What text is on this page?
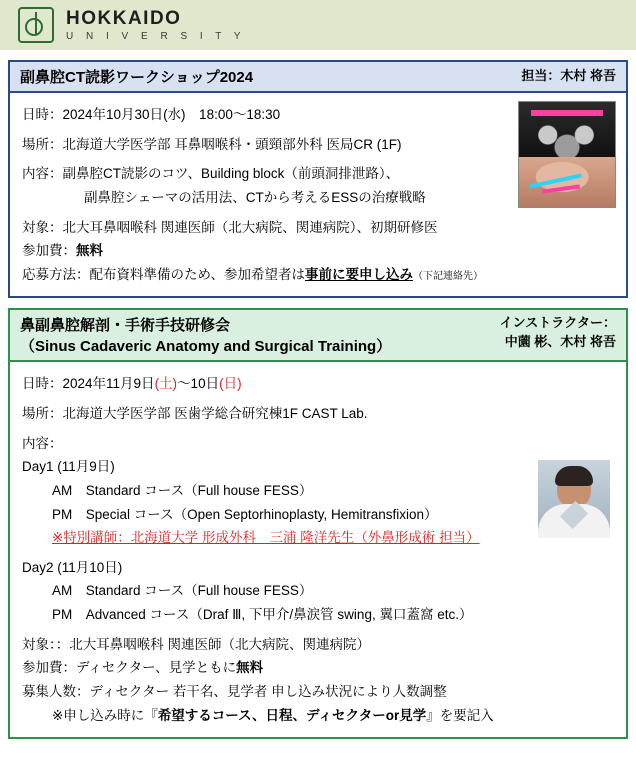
HOKKAIDO
U N I V E R S I T Y
副鼻腔CT読影ワークショップ2024	担当：木村 将吾
日時：2024年10月30日(水)　18:00～18:30
場所：北海道大学医学部 耳鼻咽喉科・頭頸部外科 医局CR (1F)
内容：副鼻腔CT読影のコツ、Building block（前頭洞排泄路）、
副鼻腔シェーマの活用法、CTから考えるESSの治療戦略
対象：北大耳鼻咽喉科 関連医師（北大病院、関連病院）、初期研修医
参加費：無料
応募方法：配布資料準備のため、参加希望者は事前に要申し込み（下記連絡先）
鼻副鼻腔解剖・手術手技研修会
（Sinus Cadaveric Anatomy and Surgical Training）
インストラクター：
中薗 彬、木村 将吾
日時：2024年11月9日(土)～10日(日)
場所：北海道大学医学部 医歯学総合研究棟1F CAST Lab.
内容：
Day1 (11月9日)
AM　Standard コース（Full house FESS）
PM　Special コース（Open Septorhinoplasty, Hemitransfixion）
※特別講師：北海道大学 形成外科　三浦 隆洋先生（外鼻形成術 担当）
Day2 (11月10日)
AM　Standard コース（Full house FESS）
PM　Advanced コース（Draf Ⅲ, 下甲介/鼻涙管 swing, 翼口蓋窩 etc.）
対象：：北大耳鼻咽喉科 関連医師（北大病院、関連病院）
参加費：ディセクター、見学ともに無料
募集人数：ディセクター 若干名、見学者 申し込み状況により人数調整
※申し込み時に『希望するコース、日程、ディセクターor見学』を要記入
